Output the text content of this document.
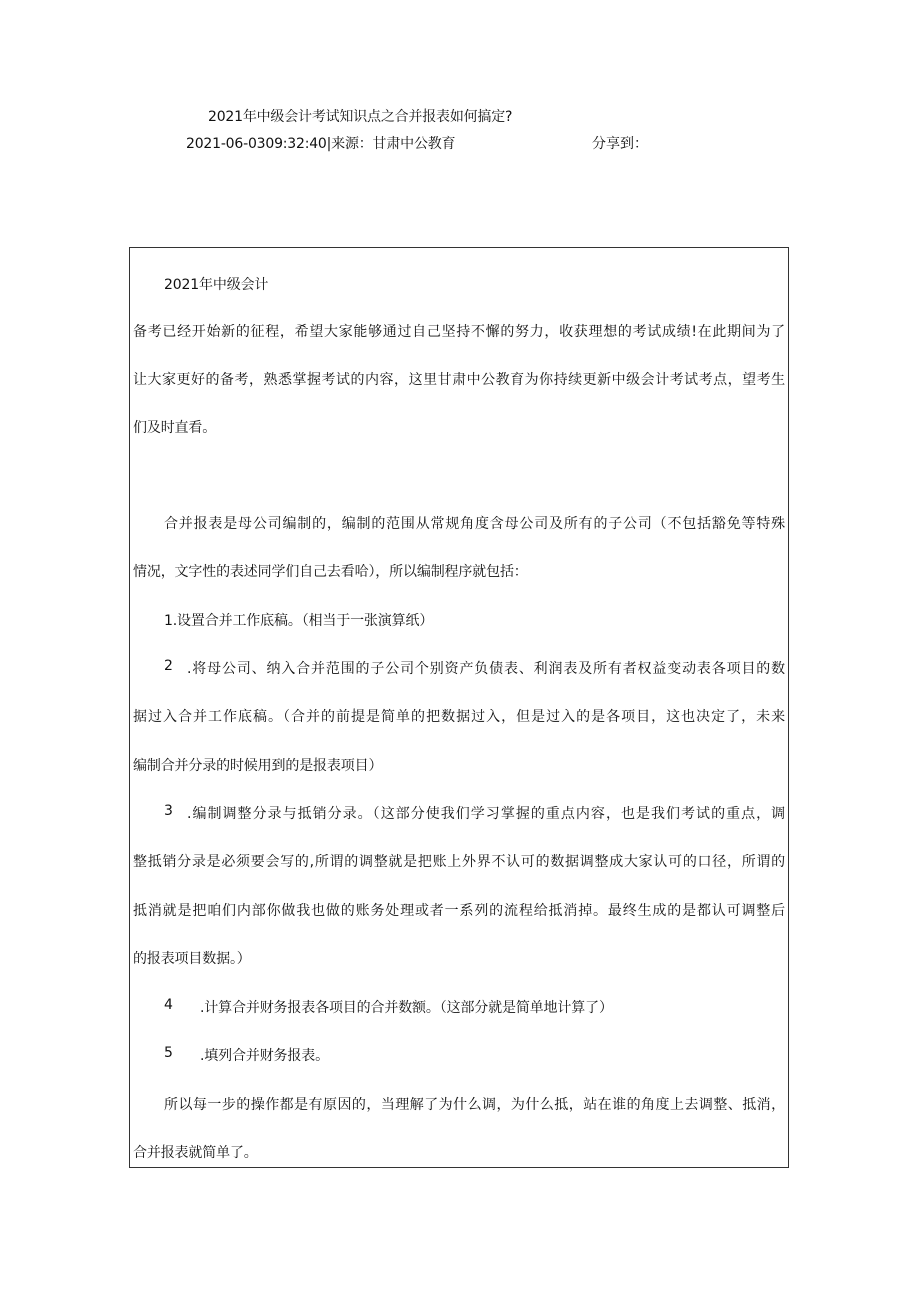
2021年中级会计考试知识点之合并报表如何搞定?
2021-06-0309:32:40|来源：甘肃中公教育	分享到：
2021年中级会计
备考已经开始新的征程，希望大家能够通过自己坚持不懈的努力，收获理想的考试成绩!在此期间为了
让大家更好的备考，熟悉掌握考试的内容，这里甘肃中公教育为你持续更新中级会计考试考点，望考生
们及时直看。
合并报表是母公司编制的，编制的范围从常规角度含母公司及所有的子公司（不包括豁免等特殊
情况，文字性的表述同学们自己去看哈），所以编制程序就包括：
1.设置合并工作底稿。（相当于一张演算纸）
2 .将母公司、纳入合并范围的子公司个别资产负债表、利润表及所有者权益变动表各项目的数
据过入合并工作底稿。（合并的前提是简单的把数据过入，但是过入的是各项目，这也决定了，未来
编制合并分录的时候用到的是报表项目）
3 .编制调整分录与抵销分录。（这部分使我们学习掌握的重点内容，也是我们考试的重点，调
整抵销分录是必须要会写的,所谓的调整就是把账上外界不认可的数据调整成大家认可的口径，所谓的
抵消就是把咱们内部你做我也做的账务处理或者一系列的流程给抵消掉。最终生成的是都认可调整后
的报表项目数据。）
4 .计算合并财务报表各项目的合并数额。（这部分就是简单地计算了）
5 .填列合并财务报表。
所以每一步的操作都是有原因的，当理解了为什么调，为什么抵，站在谁的角度上去调整、抵消，
合并报表就简单了。
